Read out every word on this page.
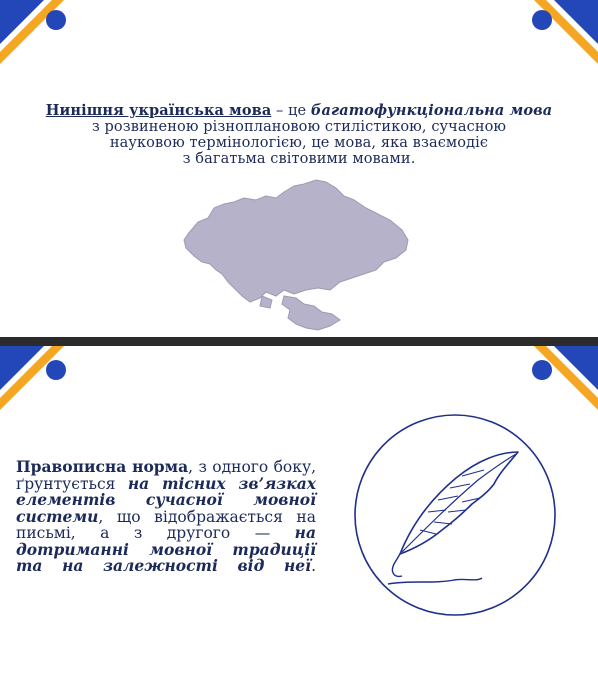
Нинішня українська мова – це багатофункціональна мова
з розвиненою різноплановою стилістикою, сучасною
науковою термінологією, це мова, яка взаємодіє
з багатьма світовими мовами.
Правописна норма, з одного боку, ґрунтується на тісних зв’язках елементів сучасної мовної системи, що відображається на письмі, а з другого — на дотриманні мовної традиції та на залежності від неї.
